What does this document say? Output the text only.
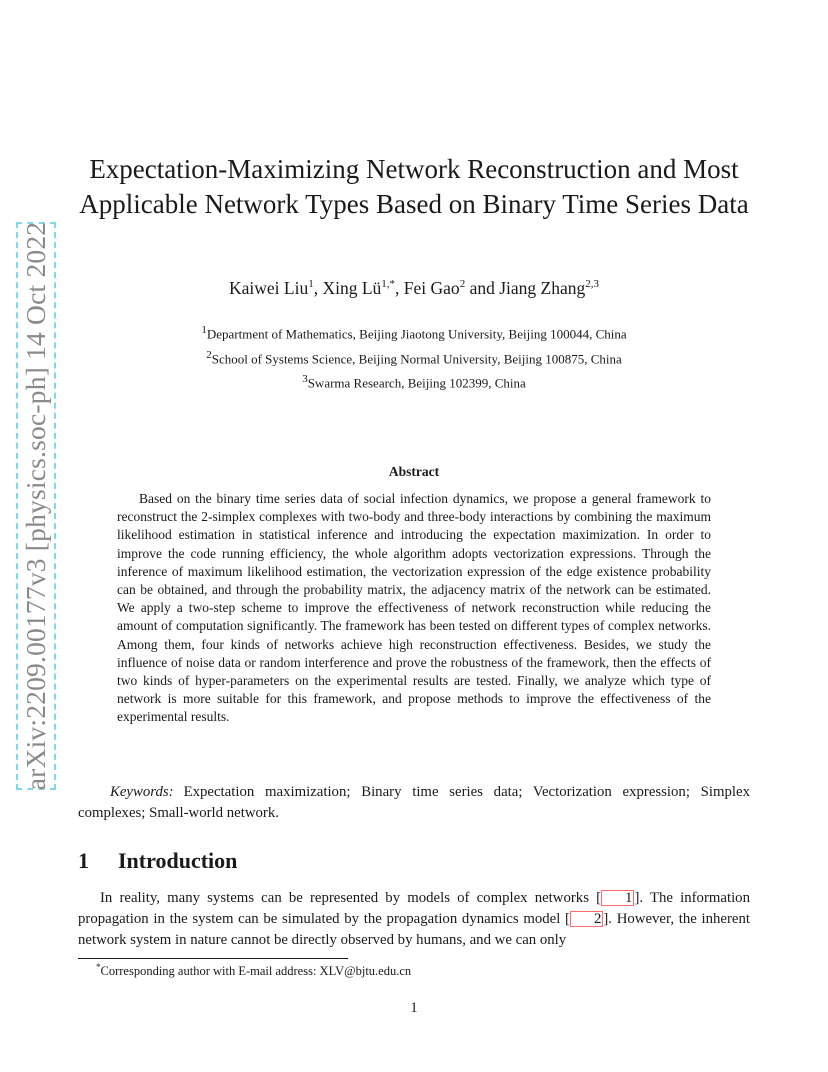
arXiv:2209.00177v3 [physics.soc-ph] 14 Oct 2022
Expectation-Maximizing Network Reconstruction and Most Applicable Network Types Based on Binary Time Series Data
Kaiwei Liu$^1$, Xing $Lü^{1,*}$, Fei Gao$^2$ and Jiang Zhang$^{2,3}$
$^1$Department of Mathematics, Beijing Jiaotong University, Beijing 100044, China
$^2$School of Systems Science, Beijing Normal University, Beijing 100875, China
$^3$Swarma Research, Beijing 102399, China
Abstract

Based on the binary time series data of social infection dynamics, we propose a general framework to reconstruct the 2-simplex complexes with two-body and three-body interactions by combining the maximum likelihood estimation in statistical inference and introducing the expectation maximization. In order to improve the code running efficiency, the whole algorithm adopts vectorization expressions. Through the inference of maximum likelihood estimation, the vectorization expression of the edge existence probability can be obtained, and through the probability matrix, the adjacency matrix of the network can be estimated. We apply a two-step scheme to improve the effectiveness of network reconstruction while reducing the amount of computation significantly. The framework has been tested on different types of complex networks. Among them, four kinds of networks achieve high reconstruction effectiveness. Besides, we study the influence of noise data or random interference and prove the robustness of the framework, then the effects of two kinds of hyper-parameters on the experimental results are tested. Finally, we analyze which type of network is more suitable for this framework, and propose methods to improve the effectiveness of the experimental results.

Keywords: Expectation maximization; Binary time series data; Vectorization expression; Simplex complexes; Small-world network.

1 Introduction

In reality, many systems can be represented by models of complex networks [ 1 ]. The information propagation in the system can be simulated by the propagation dynamics model [ 2 ]. However, the inherent network system in nature cannot be directly observed by humans, and we can only

*Corresponding author with E-mail address: XLV@bjtu.edu.cn
1
